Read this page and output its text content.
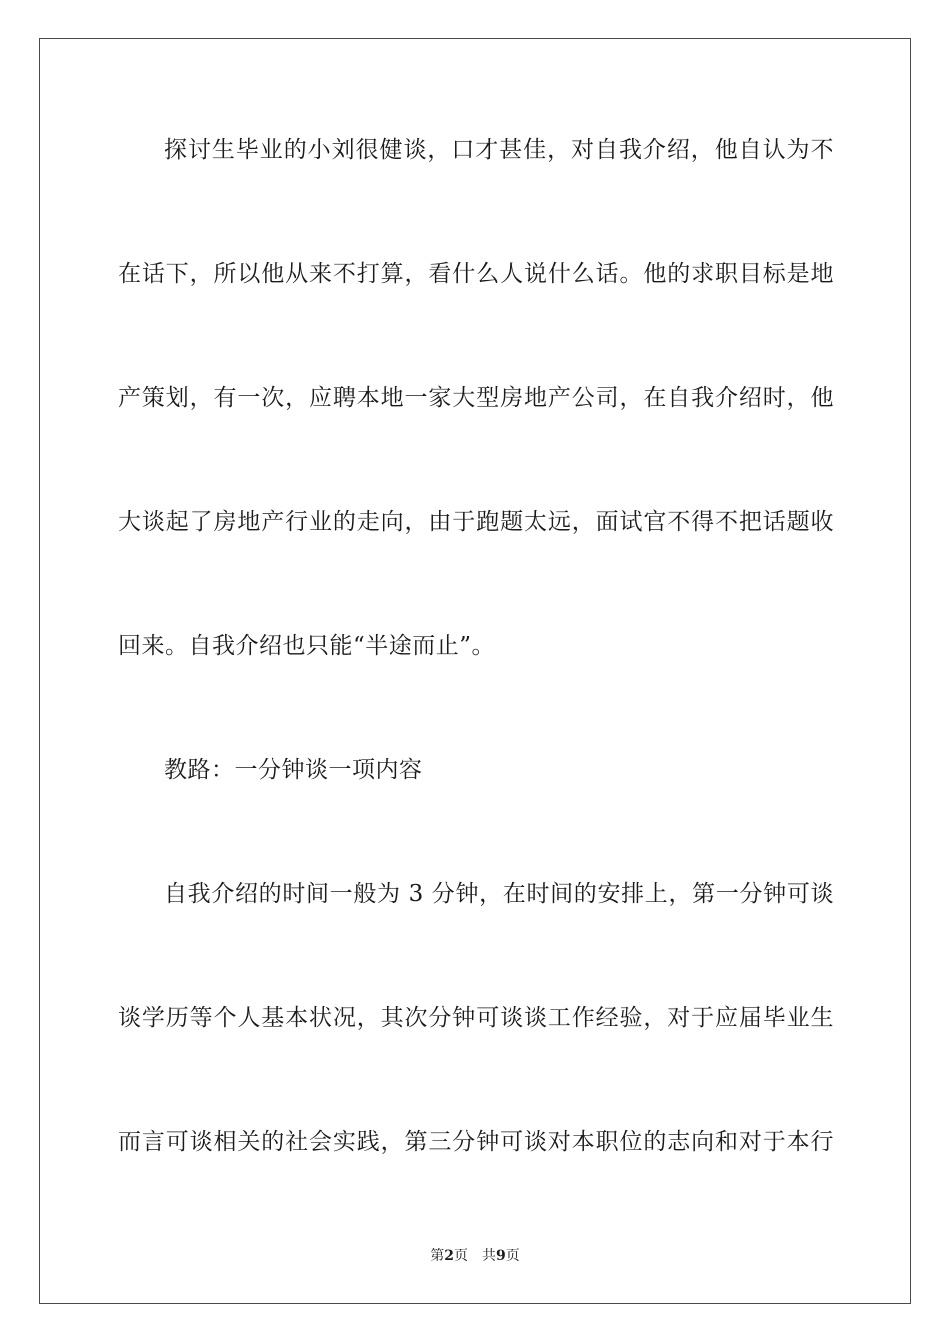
探讨生毕业的小刘很健谈，口才甚佳，对自我介绍，他自认为不
在话下，所以他从来不打算，看什么人说什么话。他的求职目标是地
产策划，有一次，应聘本地一家大型房地产公司，在自我介绍时，他
大谈起了房地产行业的走向，由于跑题太远，面试官不得不把话题收
回来。自我介绍也只能“半途而止”。
教路：一分钟谈一项内容
自我介绍的时间一般为 3 分钟，在时间的安排上，第一分钟可谈
谈学历等个人基本状况，其次分钟可谈谈工作经验，对于应届毕业生
而言可谈相关的社会实践，第三分钟可谈对本职位的志向和对于本行
第2页 共9页
